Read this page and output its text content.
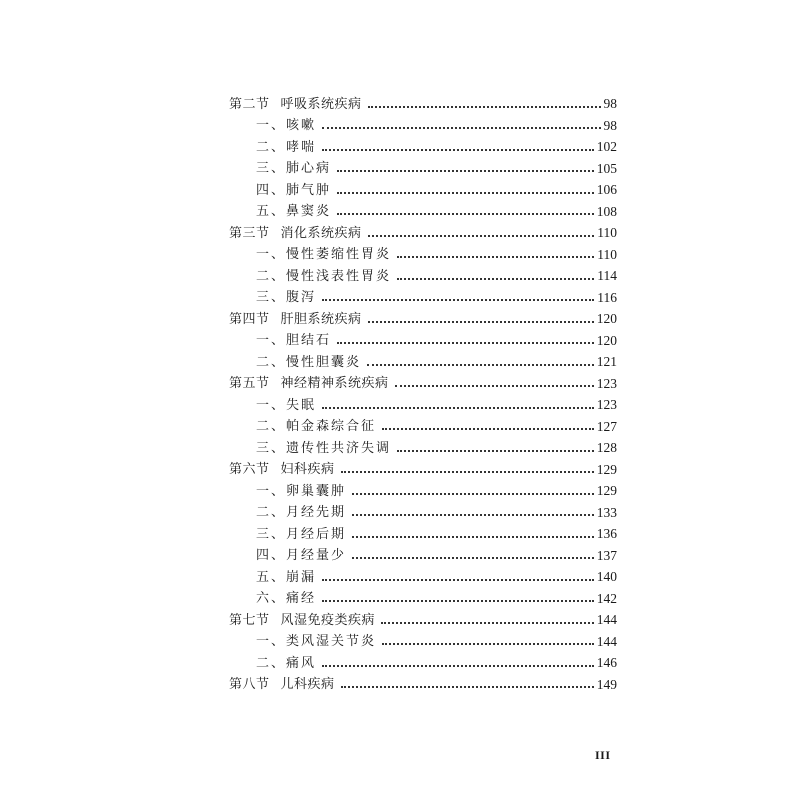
第二节 呼吸系统疾病	98
一、咳嗽	98
二、哮喘	102
三、肺心病	105
四、肺气肿	106
五、鼻窦炎	108
第三节 消化系统疾病	110
一、慢性萎缩性胃炎	110
二、慢性浅表性胃炎	114
三、腹泻	116
第四节 肝胆系统疾病	120
一、胆结石	120
二、慢性胆囊炎	121
第五节 神经精神系统疾病	123
一、失眠	123
二、帕金森综合征	127
三、遗传性共济失调	128
第六节 妇科疾病	129
一、卵巢囊肿	129
二、月经先期	133
三、月经后期	136
四、月经量少	137
五、崩漏	140
六、痛经	142
第七节 风湿免疫类疾病	144
一、类风湿关节炎	144
二、痛风	146
第八节 儿科疾病	149
III
